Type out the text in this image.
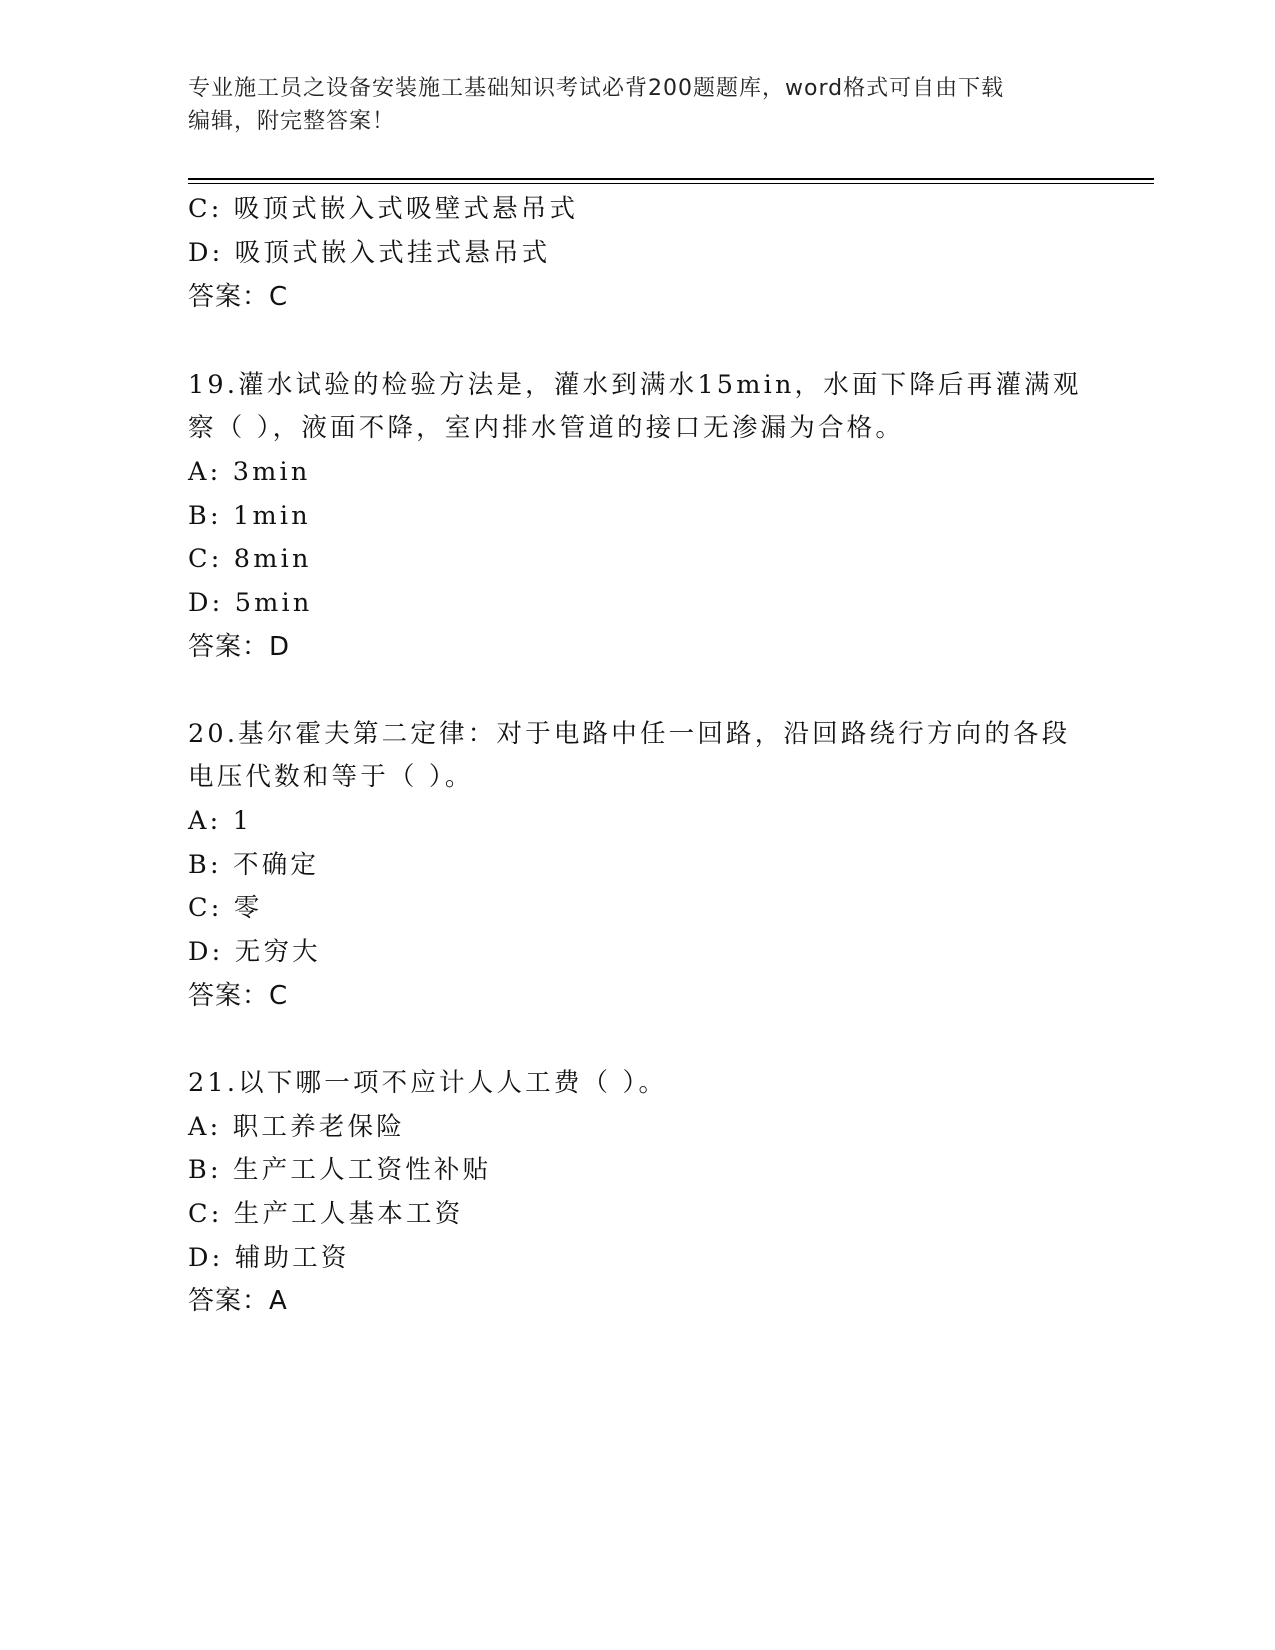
专业施工员之设备安装施工基础知识考试必背200题题库，word格式可自由下载
编辑，附完整答案！
C: 吸顶式嵌入式吸壁式悬吊式
D: 吸顶式嵌入式挂式悬吊式
答案：C
19.灌水试验的检验方法是，灌水到满水15min，水面下降后再灌满观
察（ ），液面不降，室内排水管道的接口无渗漏为合格。
A: 3min
B: 1min
C: 8min
D: 5min
答案：D
20.基尔霍夫第二定律：对于电路中任一回路，沿回路绕行方向的各段
电压代数和等于（ ）。
A: 1
B: 不确定
C: 零
D: 无穷大
答案：C
21.以下哪一项不应计人人工费（ ）。
A: 职工养老保险
B: 生产工人工资性补贴
C: 生产工人基本工资
D: 辅助工资
答案：A
